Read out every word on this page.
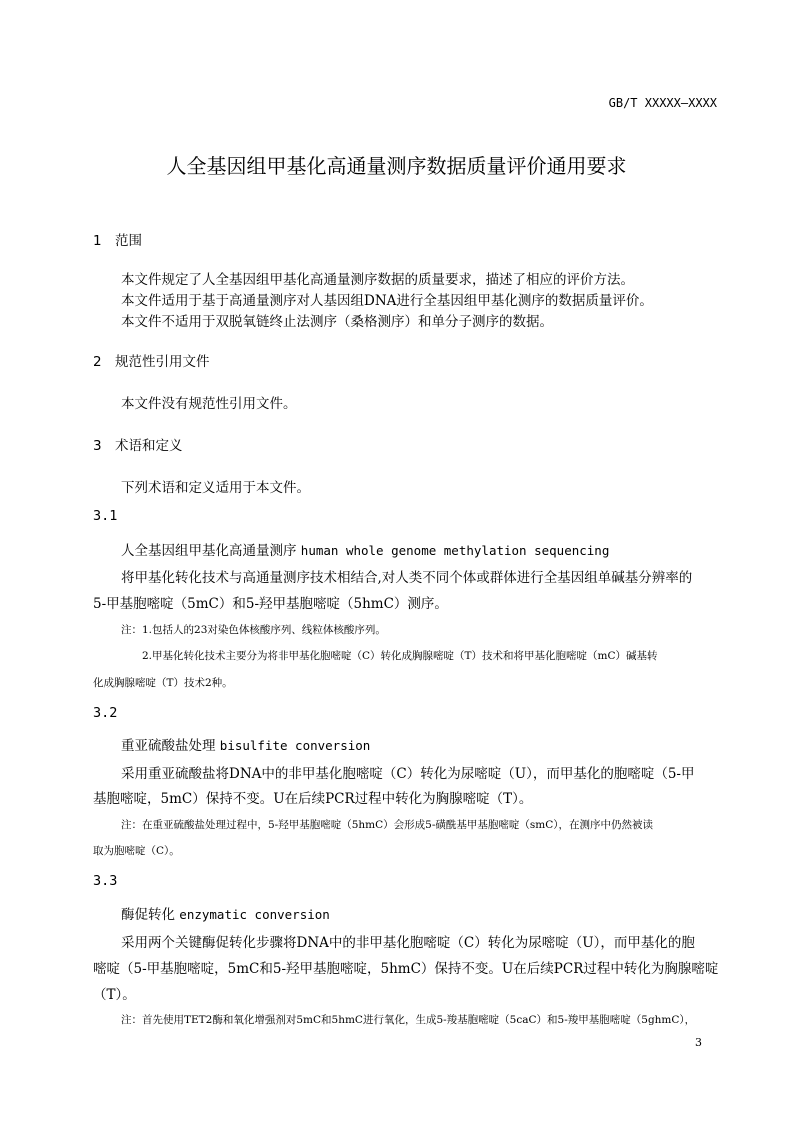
GB/T XXXXX—XXXX
人全基因组甲基化高通量测序数据质量评价通用要求
1 范围
本文件规定了人全基因组甲基化高通量测序数据的质量要求，描述了相应的评价方法。
本文件适用于基于高通量测序对人基因组DNA进行全基因组甲基化测序的数据质量评价。
本文件不适用于双脱氧链终止法测序（桑格测序）和单分子测序的数据。
2 规范性引用文件
本文件没有规范性引用文件。
3 术语和定义
下列术语和定义适用于本文件。
3.1
人全基因组甲基化高通量测序 human whole genome methylation sequencing
将甲基化转化技术与高通量测序技术相结合,对人类不同个体或群体进行全基因组单碱基分辨率的
5-甲基胞嘧啶（5mC）和5-羟甲基胞嘧啶（5hmC）测序。
注：1.包括人的23对染色体核酸序列、线粒体核酸序列。
2.甲基化转化技术主要分为将非甲基化胞嘧啶（C）转化成胸腺嘧啶（T）技术和将甲基化胞嘧啶（mC）碱基转
化成胸腺嘧啶（T）技术2种。
3.2
重亚硫酸盐处理 bisulfite conversion
采用重亚硫酸盐将DNA中的非甲基化胞嘧啶（C）转化为尿嘧啶（U），而甲基化的胞嘧啶（5-甲
基胞嘧啶，5mC）保持不变。U在后续PCR过程中转化为胸腺嘧啶（T）。
注：在重亚硫酸盐处理过程中，5-羟甲基胞嘧啶（5hmC）会形成5-磺酰基甲基胞嘧啶（smC），在测序中仍然被读
取为胞嘧啶（C）。
3.3
酶促转化 enzymatic conversion
采用两个关键酶促转化步骤将DNA中的非甲基化胞嘧啶（C）转化为尿嘧啶（U），而甲基化的胞
嘧啶（5-甲基胞嘧啶，5mC和5-羟甲基胞嘧啶，5hmC）保持不变。U在后续PCR过程中转化为胸腺嘧啶
（T）。
注：首先使用TET2酶和氧化增强剂对5mC和5hmC进行氧化，生成5-羧基胞嘧啶（5caC）和5-羧甲基胞嘧啶（5ghmC），
3
